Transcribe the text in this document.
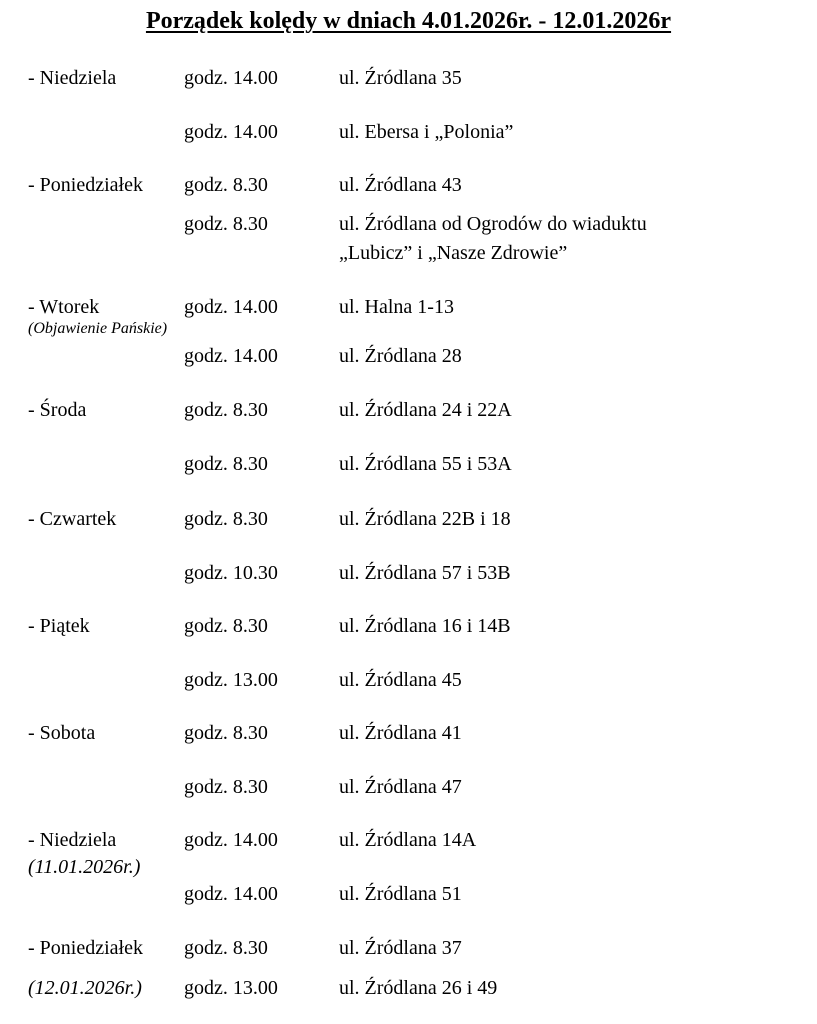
Porządek kolędy w dniach 4.01.2026r. - 12.01.2026r
- Niedziela	godz. 14.00	ul. Źródlana 35
godz. 14.00	ul. Ebersa i „Polonia”
- Poniedziałek godz. 8.30	ul. Źródlana 43
godz. 8.30	ul. Źródlana od Ogrodów do wiaduktu
„Lubicz” i „Nasze Zdrowie”
- Wtorek
(Objawienie Pańskie)
godz. 14.00	ul. Halna 1-13
godz. 14.00	ul. Źródlana 28
- Środa	godz. 8.30	ul. Źródlana 24 i 22A
godz. 8.30	ul. Źródlana 55 i 53A
- Czwartek	godz. 8.30	ul. Źródlana 22B i 18
godz. 10.30	ul. Źródlana 57 i 53B
- Piątek	godz. 8.30	ul. Źródlana 16 i 14B
godz. 13.00	ul. Źródlana 45
- Sobota	godz. 8.30	ul. Źródlana 41
godz. 8.30	ul. Źródlana 47
- Niedziela
(11.01.2026r.)
godz. 14.00	ul. Źródlana 14A
godz. 14.00	ul. Źródlana 51
- Poniedziałek
(12.01.2026r.)
godz. 8.30	ul. Źródlana 37
godz. 13.00	ul. Źródlana 26 i 49
